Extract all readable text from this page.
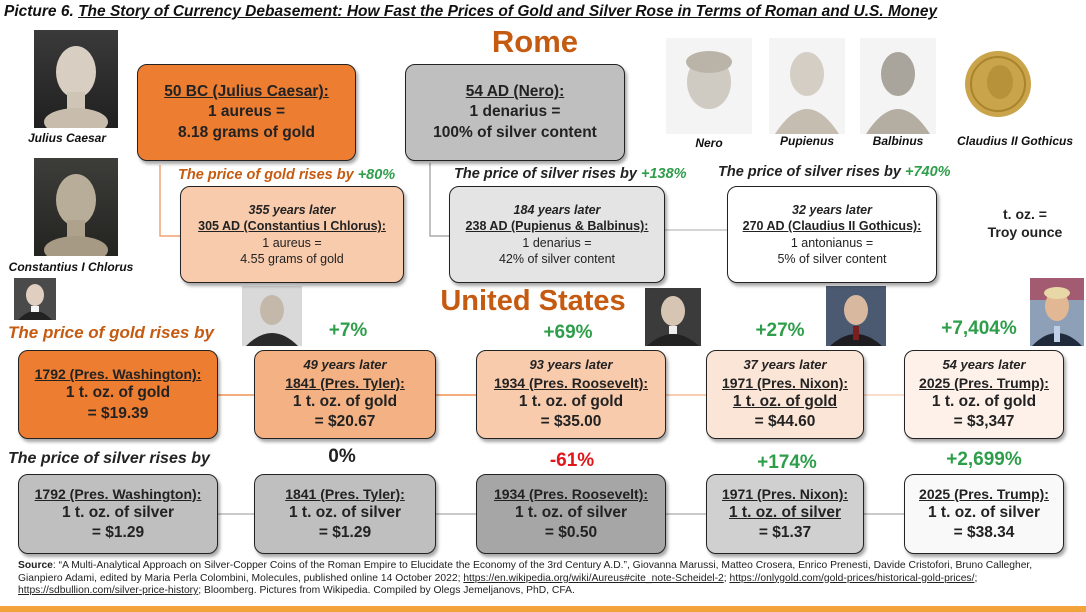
Picture 6. The Story of Currency Debasement: How Fast the Prices of Gold and Silver Rose in Terms of Roman and U.S. Money
Julius Caesar
Constantius I Chlorus
Nero	Pupienus	Balbinus	Claudius II Gothicus
Rome
50 BC (Julius Caesar):
1 aureus =
8.18 grams of gold
54 AD (Nero):
1 denarius =
100% of silver content
The price of gold rises by +80%	The price of silver rises by +138% The price of silver rises by +740%
355 years later
305 AD (Constantius I Chlorus):
1 aureus =
4.55 grams of gold
184 years later
238 AD (Pupienus & Balbinus):
1 denarius =
42% of silver content
32 years later
270 AD (Claudius II Gothicus):
1 antonianus =
5% of silver content
t. oz. =
Troy ounce
United States
The price of gold rises by	+7%	+69%	+27%	+7,404%
1792 (Pres. Washington):
1 t. oz. of gold
= $19.39
49 years later
1841 (Pres. Tyler):
1 t. oz. of gold
= $20.67
93 years later
1934 (Pres. Roosevelt):
1 t. oz. of gold
= $35.00
37 years later
1971 (Pres. Nixon):
1 t. oz. of gold
= $44.60
54 years later
2025 (Pres. Trump):
1 t. oz. of gold
= $3,347
The price of silver rises by	0%	-61%	+174%	+2,699%
1792 (Pres. Washington):
1 t. oz. of silver
= $1.29
1841 (Pres. Tyler):
1 t. oz. of silver
= $1.29
1934 (Pres. Roosevelt):
1 t. oz. of silver
= $0.50
1971 (Pres. Nixon):
1 t. oz. of silver
= $1.37
2025 (Pres. Trump):
1 t. oz. of silver
= $38.34
Source: “A Multi-Analytical Approach on Silver-Copper Coins of the Roman Empire to Elucidate the Economy of the 3rd Century A.D.”, Giovanna Marussi, Matteo Crosera, Enrico Prenesti, Davide Cristofori, Bruno Callegher, Gianpiero Adami, edited by Maria Perla Colombini, Molecules, published online 14 October 2022; https://en.wikipedia.org/wiki/Aureus#cite_note-Scheidel-2; https://onlygold.com/gold-prices/historical-gold-prices/; https://sdbullion.com/silver-price-history; Bloomberg. Pictures from Wikipedia. Compiled by Olegs Jemeljanovs, PhD, CFA.
